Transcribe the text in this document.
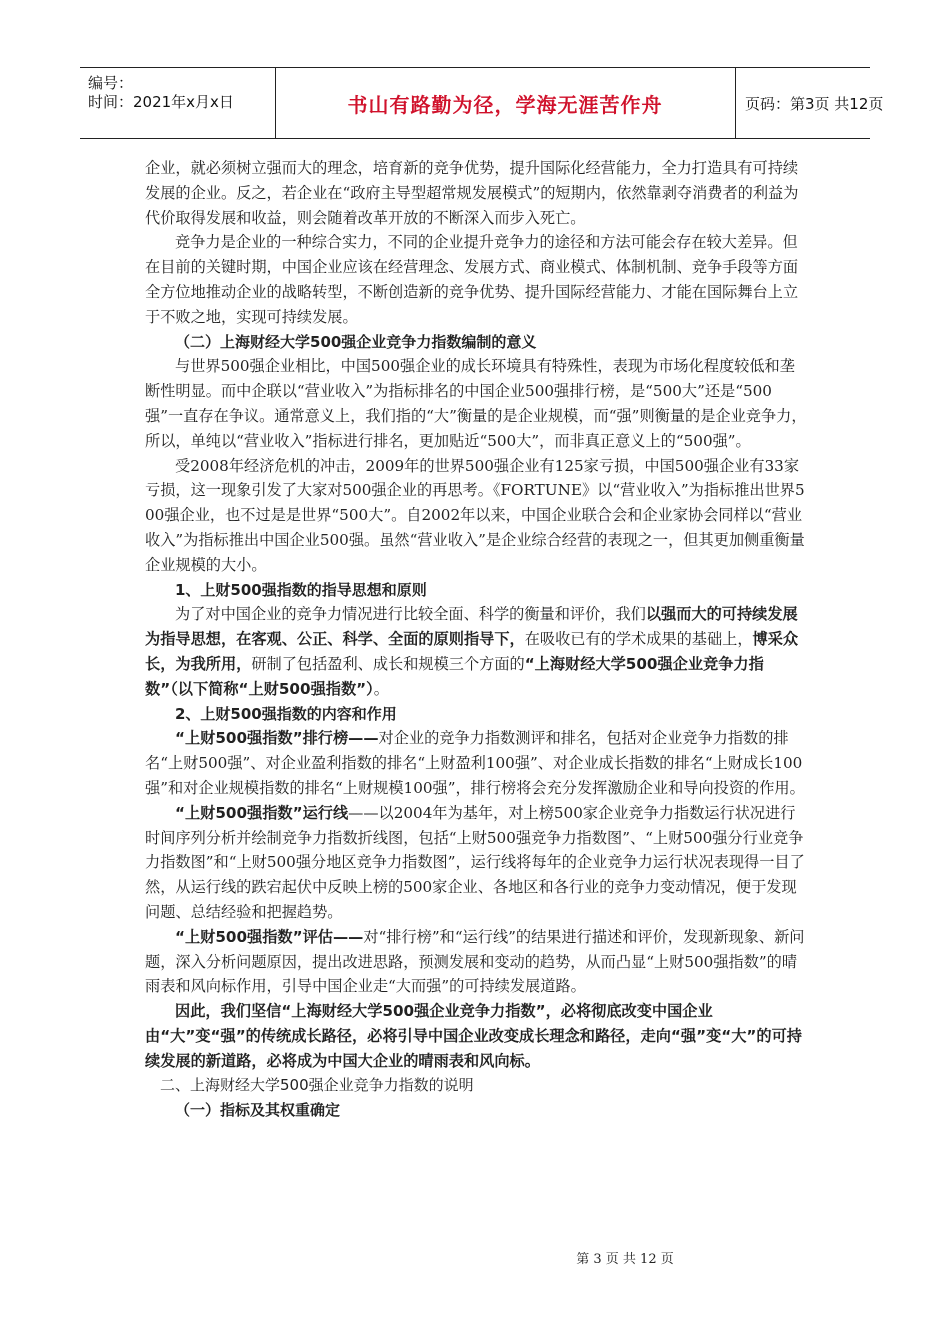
编号：
时间：2021年x月x日	书山有路勤为径，学海无涯苦作舟	页码：第3页 共12页

企业，就必须树立强而大的理念，培育新的竞争优势，提升国际化经营能力，全力打造具有可持续发展的企业。反之，若企业在“政府主导型超常规发展模式”的短期内，依然靠剥夺消费者的利益为代价取得发展和收益，则会随着改革开放的不断深入而步入死亡。

竞争力是企业的一种综合实力，不同的企业提升竞争力的途径和方法可能会存在较大差异。但在目前的关键时期，中国企业应该在经营理念、发展方式、商业模式、体制机制、竞争手段等方面全方位地推动企业的战略转型，不断创造新的竞争优势、提升国际经营能力、才能在国际舞台上立于不败之地，实现可持续发展。

（二）上海财经大学500强企业竞争力指数编制的意义

与世界500强企业相比，中国500强企业的成长环境具有特殊性，表现为市场化程度较低和垄断性明显。而中企联以“营业收入”为指标排名的中国企业500强排行榜，是“500大”还是“500强”一直存在争议。通常意义上，我们指的“大”衡量的是企业规模，而“强”则衡量的是企业竞争力，所以，单纯以“营业收入”指标进行排名，更加贴近“500大”，而非真正意义上的“500强”。

受2008年经济危机的冲击，2009年的世界500强企业有125家亏损，中国500强企业有33家亏损，这一现象引发了大家对500强企业的再思考。《FORTUNE》以“营业收入”为指标推出世界500强企业，也不过是是世界“500大”。自2002年以来，中国企业联合会和企业家协会同样以“营业收入”为指标推出中国企业500强。虽然“营业收入”是企业综合经营的表现之一，但其更加侧重衡量企业规模的大小。

1、上财500强指数的指导思想和原则

为了对中国企业的竞争力情况进行比较全面、科学的衡量和评价，我们以强而大的可持续发展为指导思想，在客观、公正、科学、全面的原则指导下，在吸收已有的学术成果的基础上，博采众长，为我所用，研制了包括盈利、成长和规模三个方面的“上海财经大学500强企业竞争力指数”（以下简称“上财500强指数”）。

2、上财500强指数的内容和作用

“上财500强指数”排行榜——对企业的竞争力指数测评和排名，包括对企业竞争力指数的排名“上财500强”、对企业盈利指数的排名“上财盈利100强”、对企业成长指数的排名“上财成长100强”和对企业规模指数的排名“上财规模100强”，排行榜将会充分发挥激励企业和导向投资的作用。

“上财500强指数”运行线——以2004年为基年，对上榜500家企业竞争力指数运行状况进行时间序列分析并绘制竞争力指数折线图，包括“上财500强竞争力指数图”、“上财500强分行业竞争力指数图”和“上财500强分地区竞争力指数图”，运行线将每年的企业竞争力运行状况表现得一目了然，从运行线的跌宕起伏中反映上榜的500家企业、各地区和各行业的竞争力变动情况，便于发现问题、总结经验和把握趋势。

“上财500强指数”评估——对“排行榜”和“运行线”的结果进行描述和评价，发现新现象、新问题，深入分析问题原因，提出改进思路，预测发展和变动的趋势，从而凸显“上财500强指数”的晴雨表和风向标作用，引导中国企业走“大而强”的可持续发展道路。

因此，我们坚信“上海财经大学500强企业竞争力指数”，必将彻底改变中国企业由“大”变“强”的传统成长路径，必将引导中国企业改变成长理念和路径，走向“强”变“大”的可持续发展的新道路，必将成为中国大企业的晴雨表和风向标。

二、上海财经大学500强企业竞争力指数的说明

（一）指标及其权重确定

第 3 页 共 12 页
